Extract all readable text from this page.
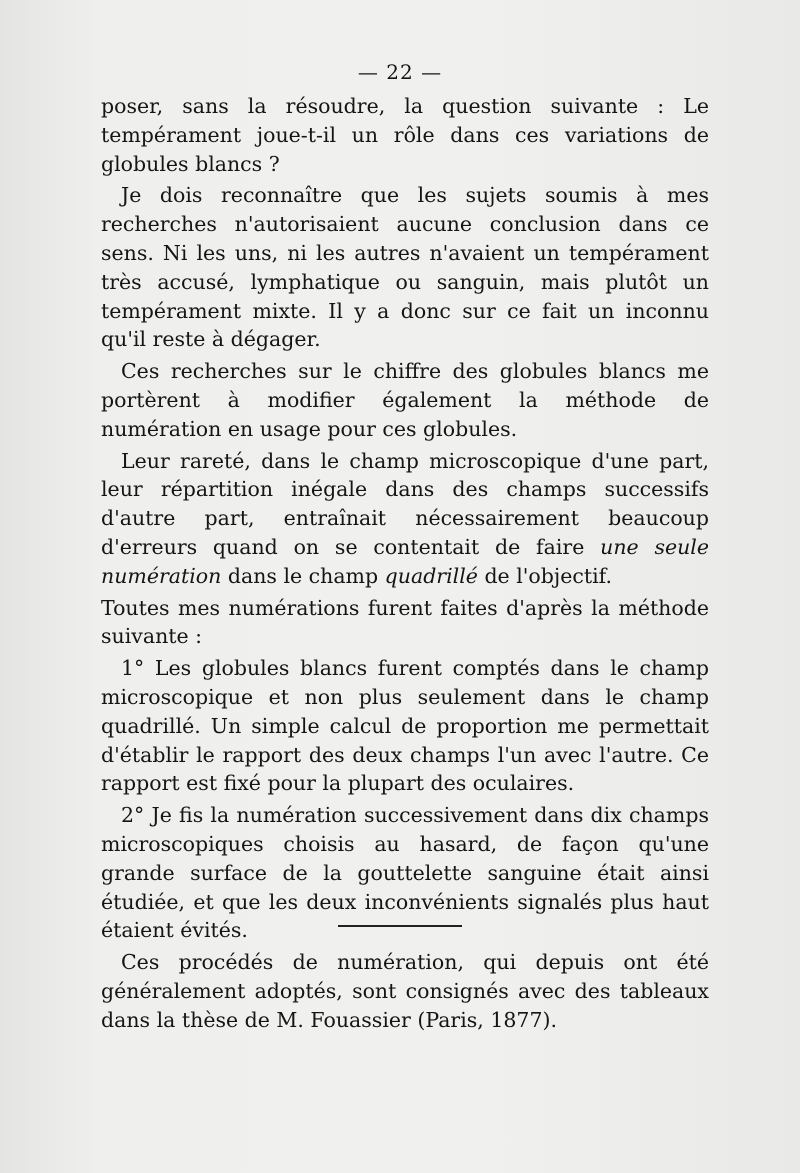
— 22 —

poser, sans la résoudre, la question suivante : Le tempérament joue-t-il un rôle dans ces variations de globules blancs ?

Je dois reconnaître que les sujets soumis à mes recherches n'autorisaient aucune conclusion dans ce sens. Ni les uns, ni les autres n'avaient un tempérament très accusé, lymphatique ou sanguin, mais plutôt un tempérament mixte. Il y a donc sur ce fait un inconnu qu'il reste à dégager.

Ces recherches sur le chiffre des globules blancs me portèrent à modifier également la méthode de numération en usage pour ces globules.

Leur rareté, dans le champ microscopique d'une part, leur répartition inégale dans des champs successifs d'autre part, entraînait nécessairement beaucoup d'erreurs quand on se contentait de faire une seule numération dans le champ quadrillé de l'objectif.

Toutes mes numérations furent faites d'après la méthode suivante :

1° Les globules blancs furent comptés dans le champ microscopique et non plus seulement dans le champ quadrillé. Un simple calcul de proportion me permettait d'établir le rapport des deux champs l'un avec l'autre. Ce rapport est fixé pour la plupart des oculaires.

2° Je fis la numération successivement dans dix champs microscopiques choisis au hasard, de façon qu'une grande surface de la gouttelette sanguine était ainsi étudiée, et que les deux inconvénients signalés plus haut étaient évités.

Ces procédés de numération, qui depuis ont été généralement adoptés, sont consignés avec des tableaux dans la thèse de M. Fouassier (Paris, 1877).
